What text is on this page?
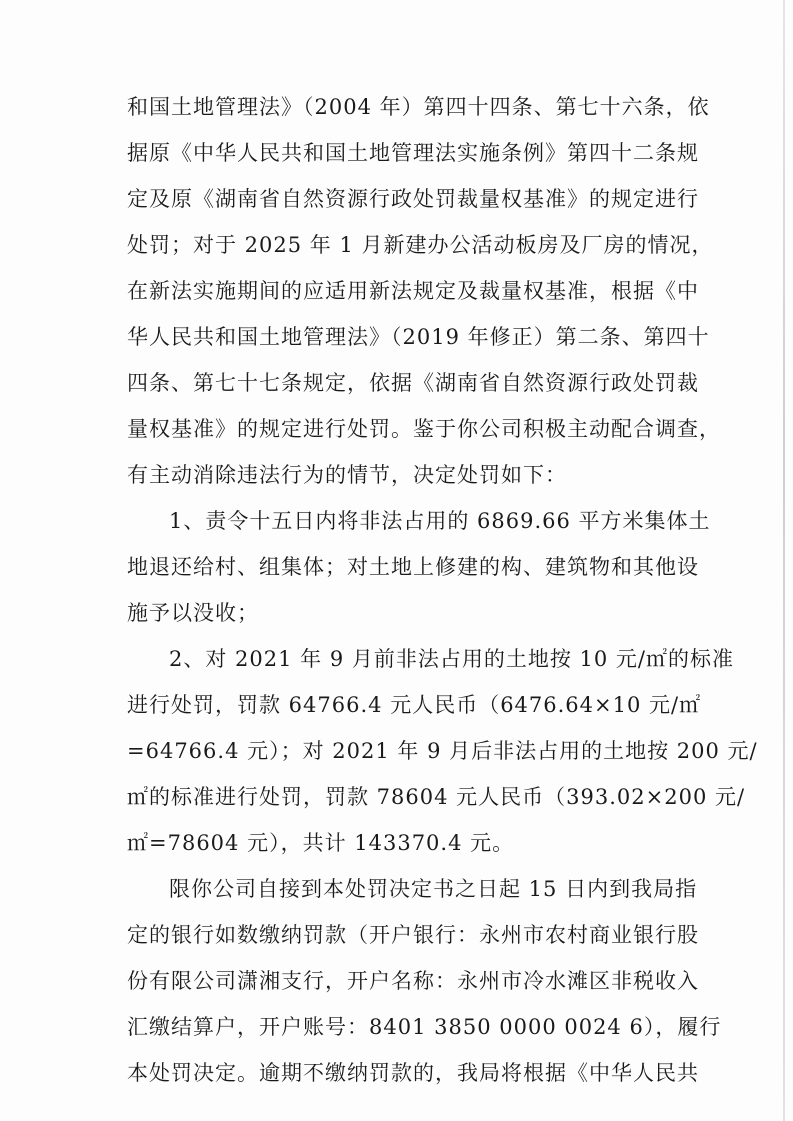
和国土地管理法》（2004 年）第四十四条、第七十六条，依
据原《中华人民共和国土地管理法实施条例》第四十二条规
定及原《湖南省自然资源行政处罚裁量权基准》的规定进行
处罚；对于 2025 年 1 月新建办公活动板房及厂房的情况，
在新法实施期间的应适用新法规定及裁量权基准，根据《中
华人民共和国土地管理法》（2019 年修正）第二条、第四十
四条、第七十七条规定，依据《湖南省自然资源行政处罚裁
量权基准》的规定进行处罚。鉴于你公司积极主动配合调查，
有主动消除违法行为的情节，决定处罚如下：
1、责令十五日内将非法占用的 6869.66 平方米集体土
地退还给村、组集体；对土地上修建的构、建筑物和其他设
施予以没收；
2、对 2021 年 9 月前非法占用的土地按 10 元/㎡的标准
进行处罚，罚款 64766.4 元人民币（6476.64×10 元/㎡
=64766.4 元）；对 2021 年 9 月后非法占用的土地按 200 元/
㎡的标准进行处罚，罚款 78604 元人民币（393.02×200 元/
㎡=78604 元），共计 143370.4 元。
限你公司自接到本处罚决定书之日起 15 日内到我局指
定的银行如数缴纳罚款（开户银行：永州市农村商业银行股
份有限公司潇湘支行，开户名称：永州市冷水滩区非税收入
汇缴结算户，开户账号：8401 3850 0000 0024 6），履行
本处罚决定。逾期不缴纳罚款的，我局将根据《中华人民共
